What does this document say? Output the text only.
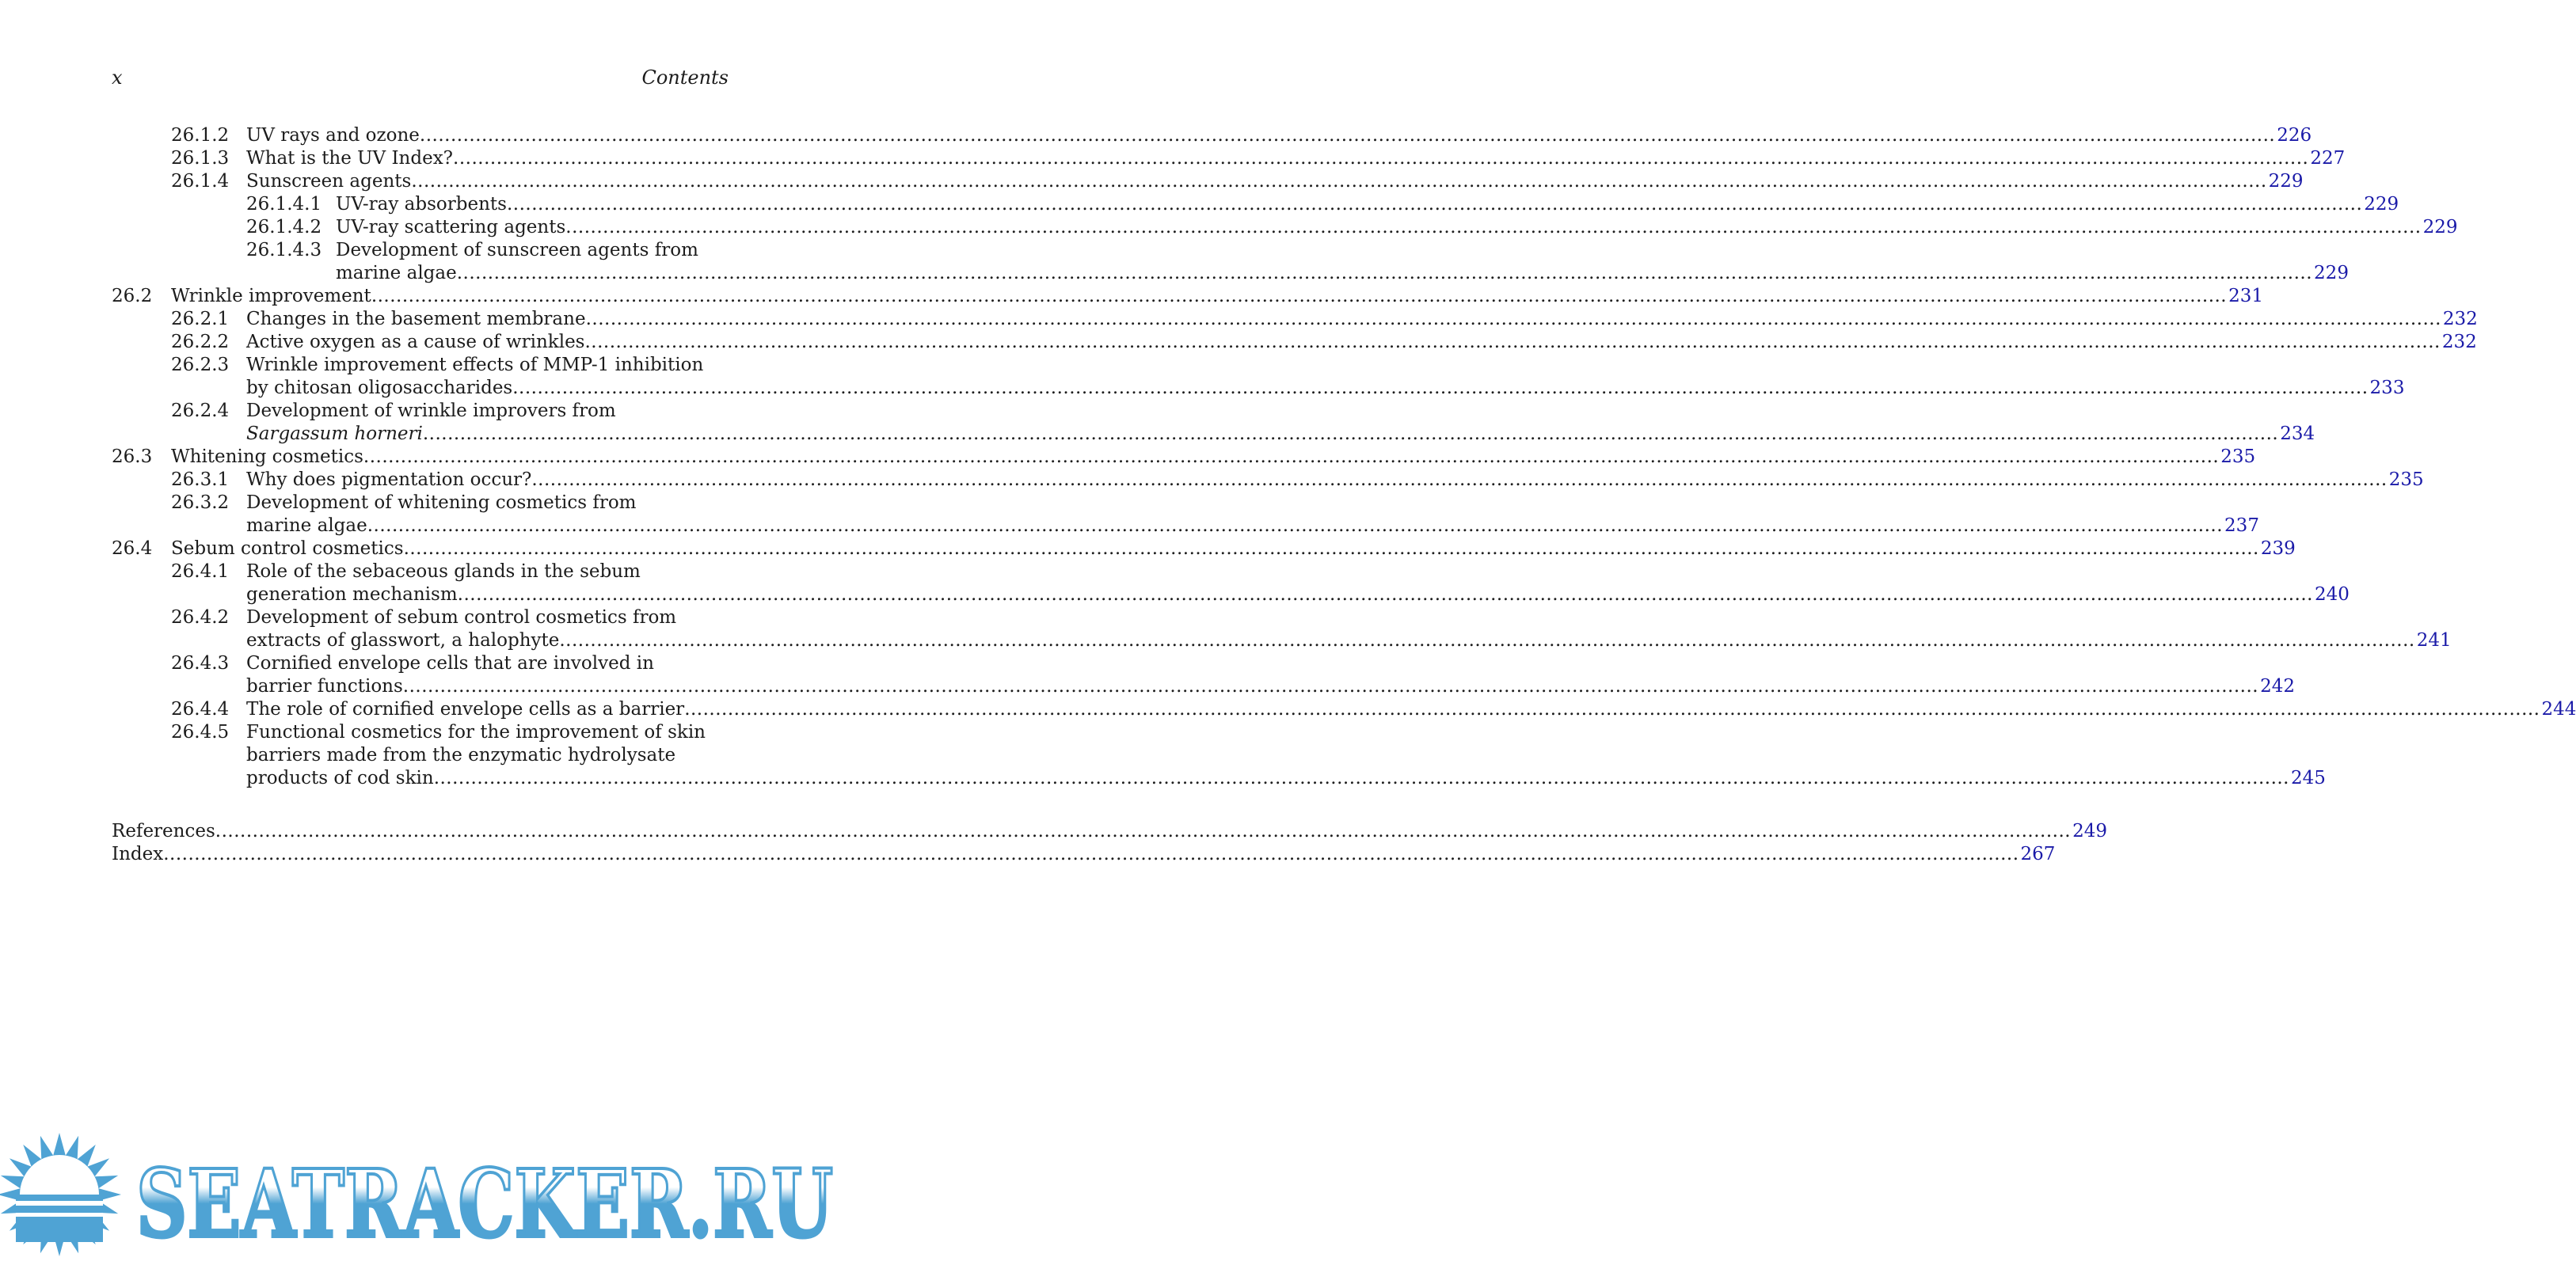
x	Contents
26.1.2 UV rays and ozone ............................................................................................................................................................................................................................................................................................................ 226
26.1.3 What is the UV Index? ............................................................................................................................................................................................................................................................................................................ 227
26.1.4 Sunscreen agents ............................................................................................................................................................................................................................................................................................................ 229
26.1.4.1 UV-ray absorbents ............................................................................................................................................................................................................................................................................................................ 229
26.1.4.2 UV-ray scattering agents ............................................................................................................................................................................................................................................................................................................ 229
26.1.4.3 Development of sunscreen agents from
marine algae ............................................................................................................................................................................................................................................................................................................ 229
26.2 Wrinkle improvement ............................................................................................................................................................................................................................................................................................................ 231
26.2.1 Changes in the basement membrane ............................................................................................................................................................................................................................................................................................................ 232
26.2.2 Active oxygen as a cause of wrinkles ............................................................................................................................................................................................................................................................................................................ 232
26.2.3 Wrinkle improvement effects of MMP-1 inhibition
by chitosan oligosaccharides ............................................................................................................................................................................................................................................................................................................ 233
26.2.4 Development of wrinkle improvers from
Sargassum horneri ............................................................................................................................................................................................................................................................................................................ 234
26.3 Whitening cosmetics ............................................................................................................................................................................................................................................................................................................ 235
26.3.1 Why does pigmentation occur? ............................................................................................................................................................................................................................................................................................................ 235
26.3.2 Development of whitening cosmetics from
marine algae ............................................................................................................................................................................................................................................................................................................ 237
26.4 Sebum control cosmetics ............................................................................................................................................................................................................................................................................................................ 239
26.4.1 Role of the sebaceous glands in the sebum
generation mechanism ............................................................................................................................................................................................................................................................................................................ 240
26.4.2 Development of sebum control cosmetics from
extracts of glasswort, a halophyte ............................................................................................................................................................................................................................................................................................................ 241
26.4.3 Cornified envelope cells that are involved in
barrier functions ............................................................................................................................................................................................................................................................................................................ 242
26.4.4 The role of cornified envelope cells as a barrier ............................................................................................................................................................................................................................................................................................................ 244
26.4.5 Functional cosmetics for the improvement of skin
barriers made from the enzymatic hydrolysate
products of cod skin ............................................................................................................................................................................................................................................................................................................ 245
References ............................................................................................................................................................................................................................................................................................................ 249
Index ............................................................................................................................................................................................................................................................................................................ 267
SEATRACKER.RU
